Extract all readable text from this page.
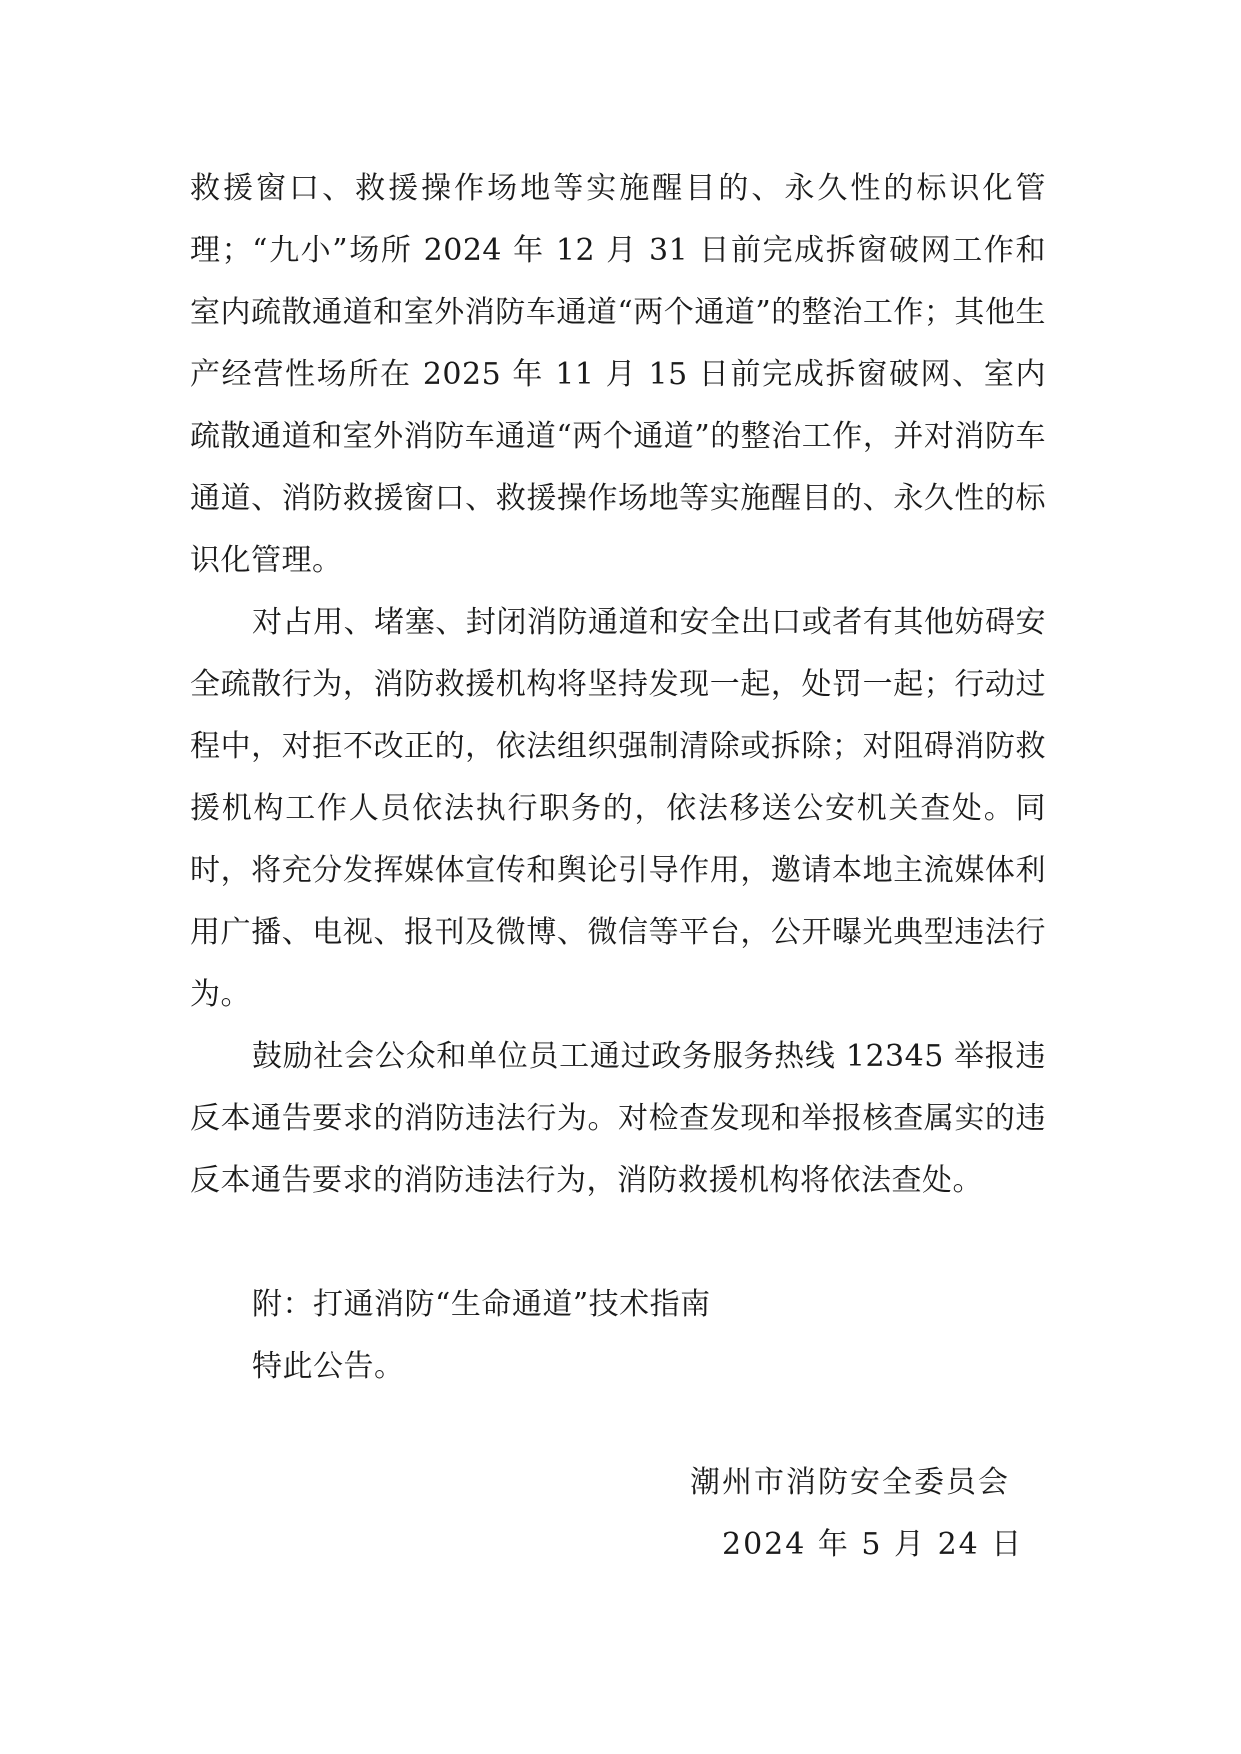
救援窗口、救援操作场地等实施醒目的、永久性的标识化管理；“九小”场所 2024 年 12 月 31 日前完成拆窗破网工作和室内疏散通道和室外消防车通道“两个通道”的整治工作；其他生产经营性场所在 2025 年 11 月 15 日前完成拆窗破网、室内疏散通道和室外消防车通道“两个通道”的整治工作，并对消防车通道、消防救援窗口、救援操作场地等实施醒目的、永久性的标识化管理。

对占用、堵塞、封闭消防通道和安全出口或者有其他妨碍安全疏散行为，消防救援机构将坚持发现一起，处罚一起；行动过程中，对拒不改正的，依法组织强制清除或拆除；对阻碍消防救援机构工作人员依法执行职务的，依法移送公安机关查处。同时，将充分发挥媒体宣传和舆论引导作用，邀请本地主流媒体利用广播、电视、报刊及微博、微信等平台，公开曝光典型违法行为。

鼓励社会公众和单位员工通过政务服务热线 12345 举报违反本通告要求的消防违法行为。对检查发现和举报核查属实的违反本通告要求的消防违法行为，消防救援机构将依法查处。

附：打通消防“生命通道”技术指南

特此公告。

潮州市消防安全委员会

2024 年 5 月 24 日
